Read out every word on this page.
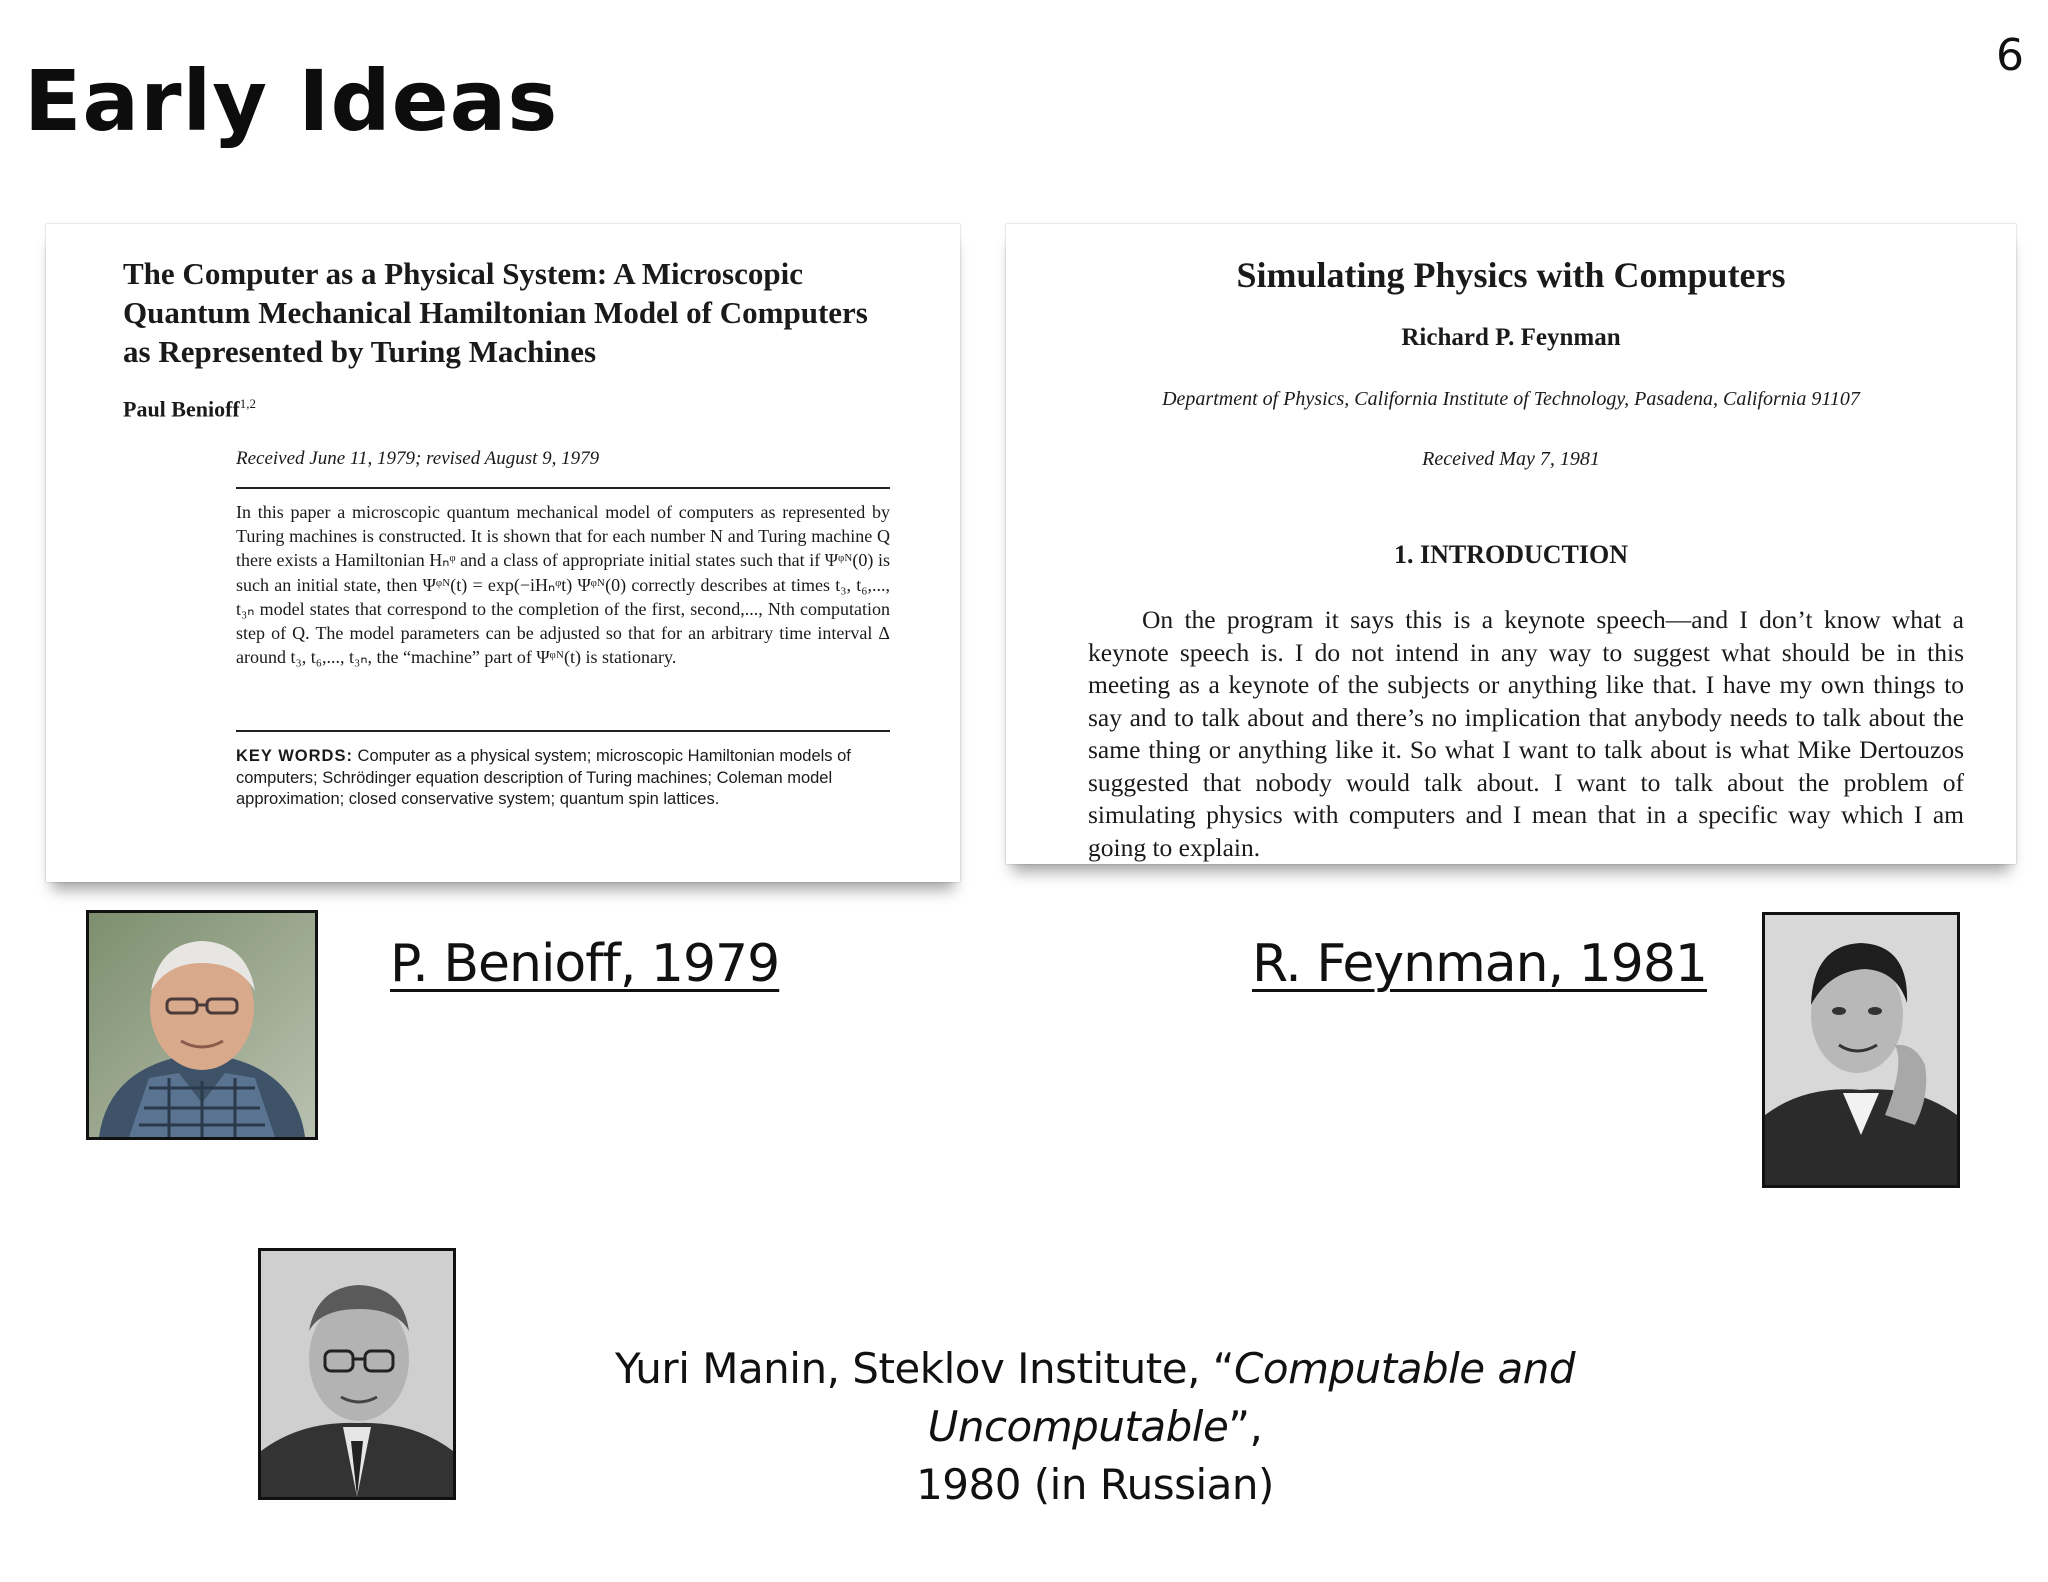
6
Early Ideas
The Computer as a Physical System: A Microscopic Quantum Mechanical Hamiltonian Model of Computers as Represented by Turing Machines
Paul Benioff$^{1,2}$
Received June 11, 1979; revised August 9, 1979

In this paper a microscopic quantum mechanical model of computers as represented by Turing machines is constructed. It is shown that for each number N and Turing machine Q there exists a Hamiltonian Hₙᵠ and a class of appropriate initial states such that if Ψᵠᴺ(0) is such an initial state, then Ψᵠᴺ(t) = exp(−iHₙᵠt) Ψᵠᴺ(0) correctly describes at times t₃, t₆,..., t₃ₙ model states that correspond to the completion of the first, second,..., Nth computation step of Q. The model parameters can be adjusted so that for an arbitrary time interval Δ around t₃, t₆,..., t₃ₙ, the “machine” part of Ψᵠᴺ(t) is stationary.

KEY WORDS: Computer as a physical system; microscopic Hamiltonian models of computers; Schrödinger equation description of Turing machines; Coleman model approximation; closed conservative system; quantum spin lattices.

Simulating Physics with Computers
Richard P. Feynman
Department of Physics, California Institute of Technology, Pasadena, California 91107
Received May 7, 1981
1. INTRODUCTION

On the program it says this is a keynote speech—and I don’t know what a keynote speech is. I do not intend in any way to suggest what should be in this meeting as a keynote of the subjects or anything like that. I have my own things to say and to talk about and there’s no implication that anybody needs to talk about the same thing or anything like it. So what I want to talk about is what Mike Dertouzos suggested that nobody would talk about. I want to talk about the problem of simulating physics with computers and I mean that in a specific way which I am going to explain.

P. Benioff, 1979	R. Feynman, 1981
Yuri Manin, Steklov Institute, “Computable and Uncomputable”,
1980 (in Russian)
